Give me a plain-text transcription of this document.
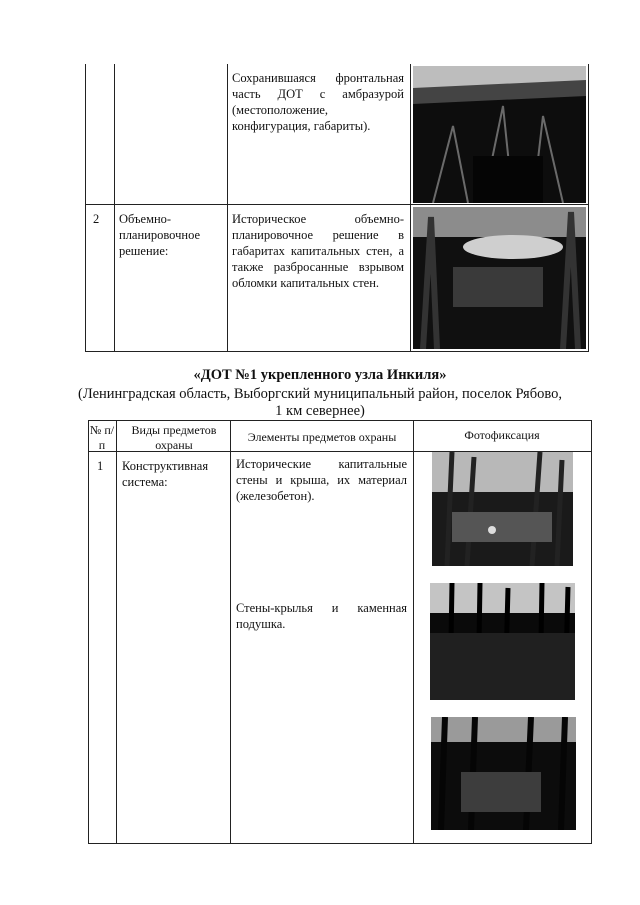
Сохранившаяся фронтальная часть ДОТ с амбразурой (местоположение, конфигурация, габариты).
2 Объемно-планировочное решение:
Историческое объемно-планировочное решение в габаритах капитальных стен, а также разбросанные взрывом обломки капитальных стен.
«ДОТ №1 укрепленного узла Инкиля»
(Ленинградская область, Выборгский муниципальный район, поселок Рябово,
1 км севернее)
№ п/п
Виды предметов охраны
Элементы предметов охраны	Фотофиксация
1 Конструктивная система:
Исторические капитальные стены и крыша, их материал (железобетон).
Стены-крылья и каменная подушка.
